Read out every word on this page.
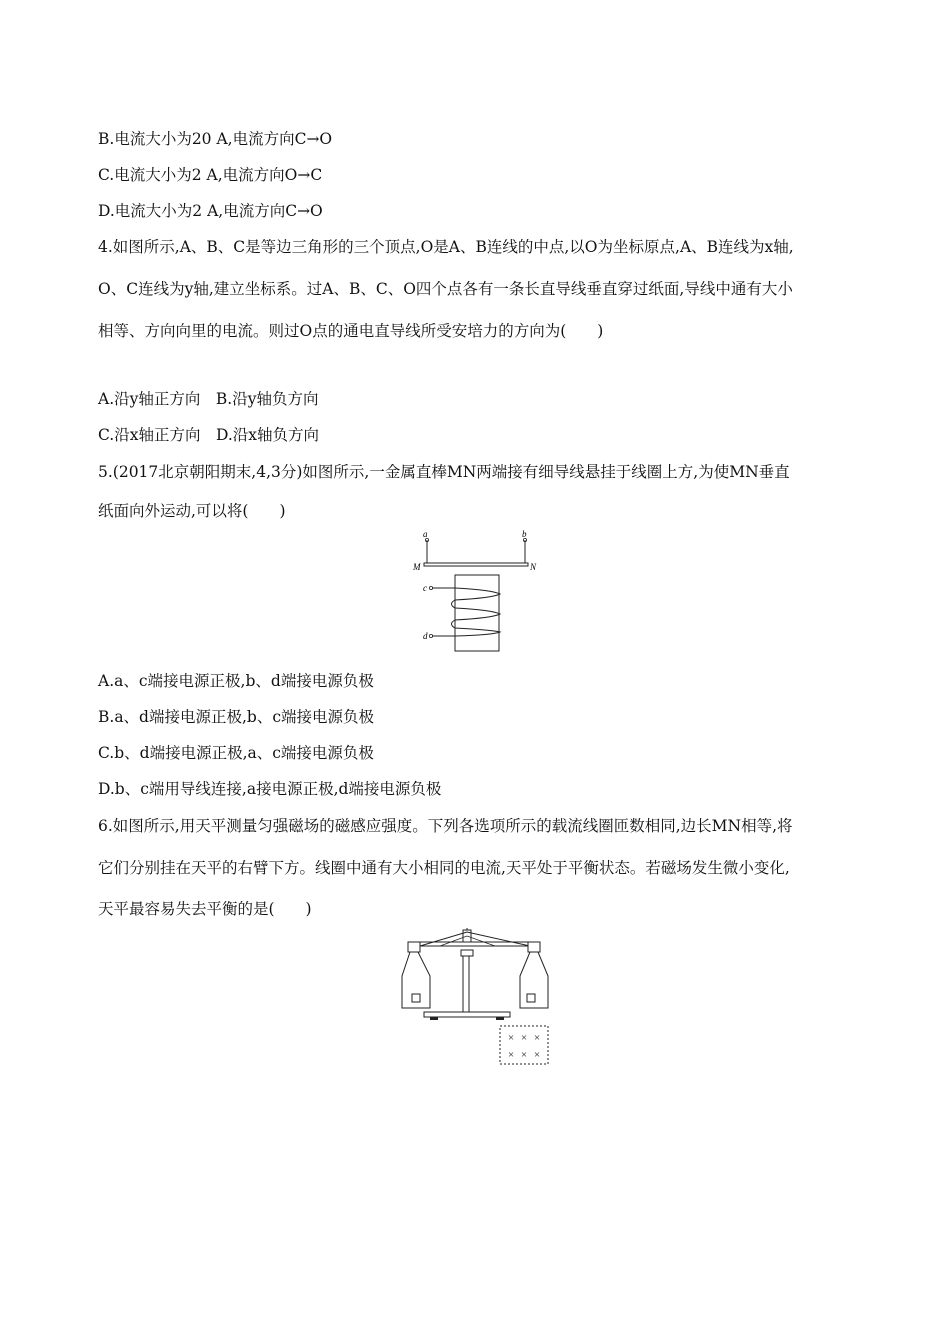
B.电流大小为20 A,电流方向C→O
C.电流大小为2 A,电流方向O→C
D.电流大小为2 A,电流方向C→O
4.如图所示,A、B、C是等边三角形的三个顶点,O是A、B连线的中点,以O为坐标原点,A、B连线为x轴,
O、C连线为y轴,建立坐标系。过A、B、C、O四个点各有一条长直导线垂直穿过纸面,导线中通有大小
相等、方向向里的电流。则过O点的通电直导线所受安培力的方向为(　　)
A.沿y轴正方向　B.沿y轴负方向
C.沿x轴正方向　D.沿x轴负方向
5.(2017北京朝阳期末,4,3分)如图所示,一金属直棒MN两端接有细导线悬挂于线圈上方,为使MN垂直
纸面向外运动,可以将(　　)
a	b
M	N
c
d
A.a、c端接电源正极,b、d端接电源负极
B.a、d端接电源正极,b、c端接电源负极
C.b、d端接电源正极,a、c端接电源负极
D.b、c端用导线连接,a接电源正极,d端接电源负极
6.如图所示,用天平测量匀强磁场的磁感应强度。下列各选项所示的载流线圈匝数相同,边长MN相等,将
它们分别挂在天平的右臂下方。线圈中通有大小相同的电流,天平处于平衡状态。若磁场发生微小变化,
天平最容易失去平衡的是(　　)
× × ×
× × ×
